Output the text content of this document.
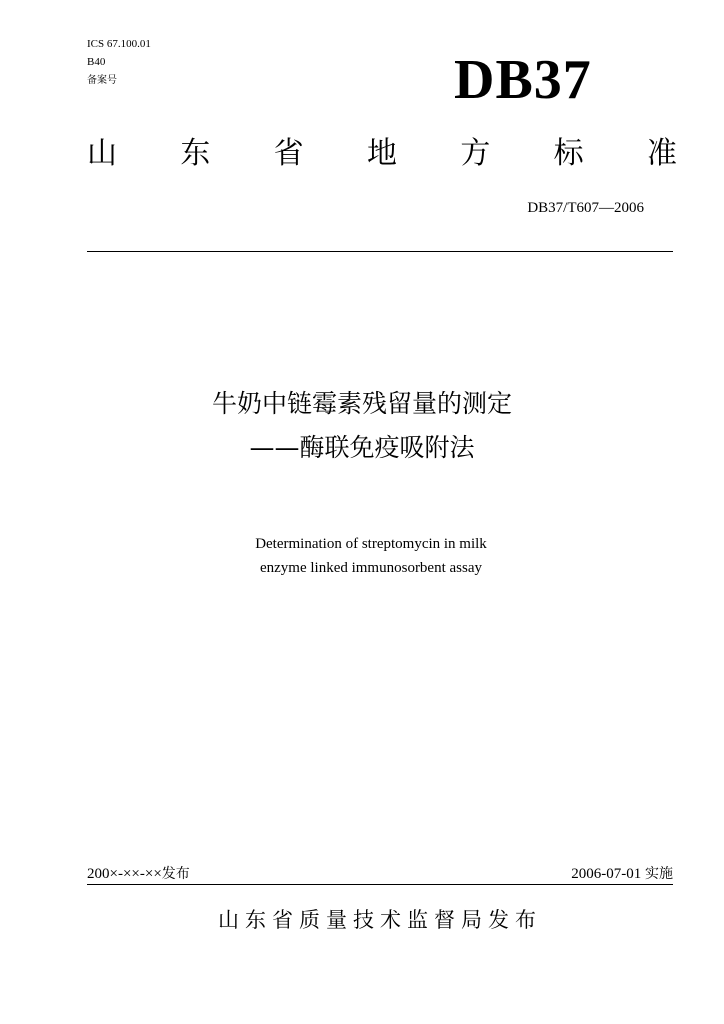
ICS 67.100.01
B40
备案号	DB37
山 东 省 地 方 标 准
DB37/T607—2006
牛奶中链霉素残留量的测定
——酶联免疫吸附法
Determination of streptomycin in milk
enzyme linked immunosorbent assay
200×-××-××发布	2006-07-01 实施
山东省质量技术监督局发布
